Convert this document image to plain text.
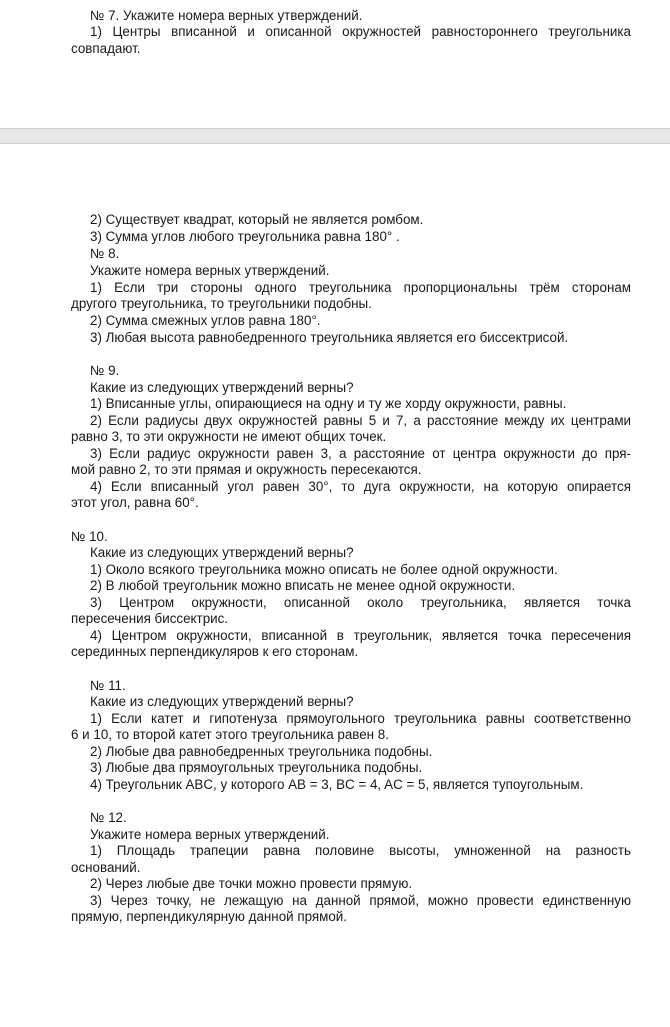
№ 7. Укажите номера верных утверждений.
1) Центры вписанной и описанной окружностей равностороннего треугольника
совпадают.
2) Существует квадрат, который не является ромбом.
3) Сумма углов любого треугольника равна 180° .
№ 8.
Укажите номера верных утверждений.
1) Если три стороны одного треугольника пропорциональны трём сторонам
другого треугольника, то треугольники подобны.
2) Сумма смежных углов равна 180°.
3) Любая высота равнобедренного треугольника является его биссектрисой.
№ 9.
Какие из следующих утверждений верны?
1) Вписанные углы, опирающиеся на одну и ту же хорду окружности, равны.
2) Если радиусы двух окружностей равны 5 и 7, а расстояние между их центрами
равно 3, то эти окружности не имеют общих точек.
3) Если радиус окружности равен 3, а расстояние от центра окружности до пря-
мой равно 2, то эти прямая и окружность пересекаются.
4) Если вписанный угол равен 30°, то дуга окружности, на которую опирается
этот угол, равна 60°.
№ 10.
Какие из следующих утверждений верны?
1) Около всякого треугольника можно описать не более одной окружности.
2) В любой треугольник можно вписать не менее одной окружности.
3) Центром окружности, описанной около треугольника, является точка
пересечения биссектрис.
4) Центром окружности, вписанной в треугольник, является точка пересечения
серединных перпендикуляров к его сторонам.
№ 11.
Какие из следующих утверждений верны?
1) Если катет и гипотенуза прямоугольного треугольника равны соответственно
6 и 10, то второй катет этого треугольника равен 8.
2) Любые два равнобедренных треугольника подобны.
3) Любые два прямоугольных треугольника подобны.
4) Треугольник ABC, у которого AB = 3, BC = 4, AC = 5, является тупоугольным.
№ 12.
Укажите номера верных утверждений.
1) Площадь трапеции равна половине высоты, умноженной на разность
оснований.
2) Через любые две точки можно провести прямую.
3) Через точку, не лежащую на данной прямой, можно провести единственную
прямую, перпендикулярную данной прямой.
